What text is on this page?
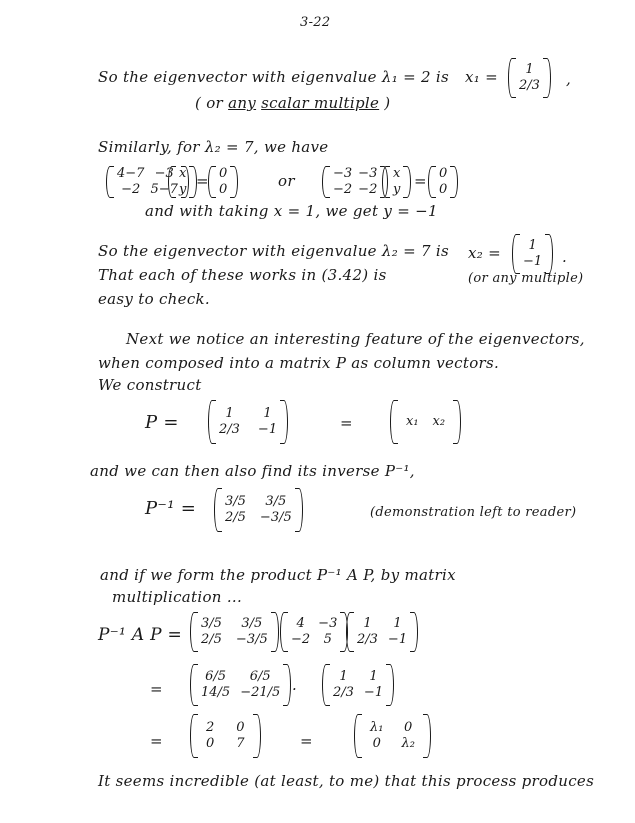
3-22
So the eigenvector with eigenvalue λ₁ = 2 is x₁ = 1
2/3 ,
( or any scalar multiple )
Similarly, for λ₂ = 7, we have
4−7 −3
−2 5−7
x
y = 0
0	or	−3 −3
−2 −2
x
y = 0
0
and with taking x = 1, we get y = −1
So the eigenvector with eigenvalue λ₂ = 7 is x₂ = 1
−1 .
That each of these works in (3.42) is	(or any multiple)
easy to check.
Next we notice an interesting feature of the eigenvectors,
when composed into a matrix P as column vectors.
We construct
P =	1 1
2/3 −1	=	x₁ x₂
and we can then also find its inverse P⁻¹,
P⁻¹ = 3/5 3/5
2/5 −3/5	(demonstration left to reader)
and if we form the product P⁻¹ A P, by matrix
multiplication ...
P⁻¹ A P =
3/5 3/5
2/5 −3/5
4 −3
−2 5
1 1
2/3 −1
=
6/5 6/5
14/5 −21/5 ·
1 1
2/3 −1
=
2 0
0 7	=
λ₁ 0
0 λ₂
It seems incredible (at least, to me) that this process produces
